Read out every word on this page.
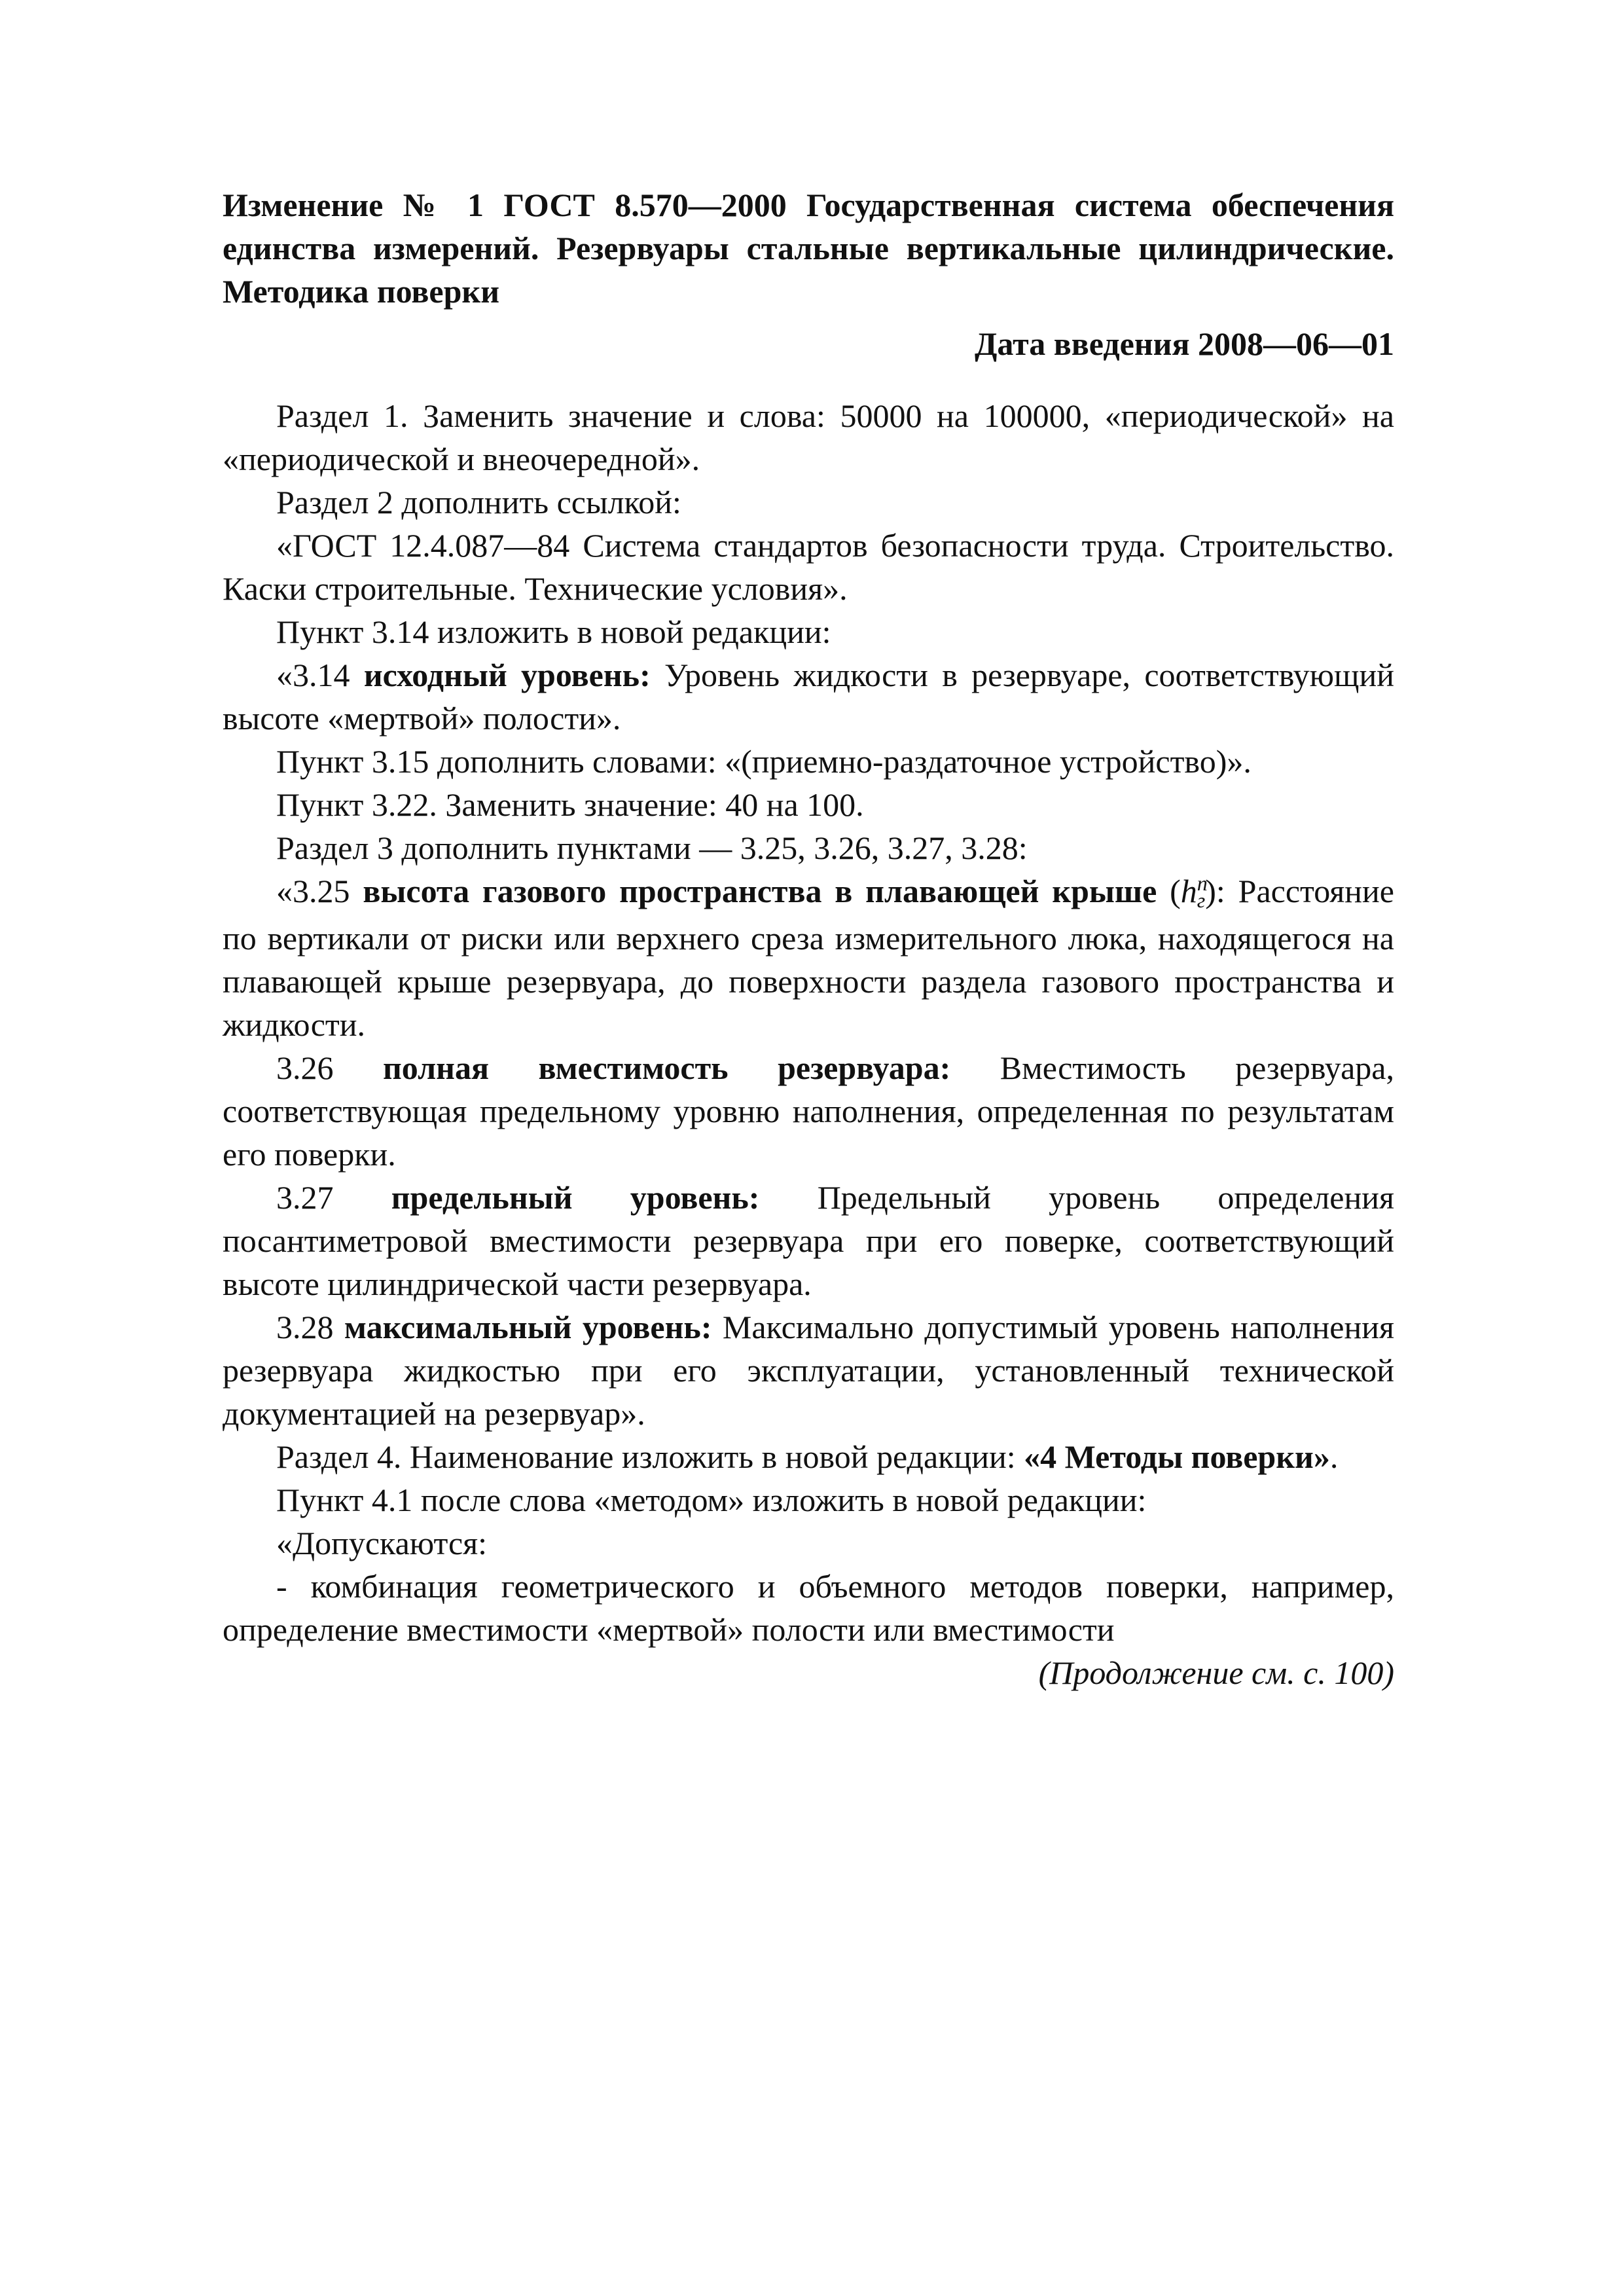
Изменение № 1 ГОСТ 8.570—2000 Государственная система обеспечения единства измерений. Резервуары стальные вертикальные цилиндрические. Методика поверки

Дата введения 2008—06—01

Раздел 1. Заменить значение и слова: 50000 на 100000, «периодической» на «периодической и внеочередной».

Раздел 2 дополнить ссылкой:

«ГОСТ 12.4.087—84 Система стандартов безопасности труда. Строительство. Каски строительные. Технические условия».

Пункт 3.14 изложить в новой редакции:

«3.14 исходный уровень: Уровень жидкости в резервуаре, соответствующий высоте «мертвой» полости».

Пункт 3.15 дополнить словами: «(приемно-раздаточное устройство)».

Пункт 3.22. Заменить значение: 40 на 100.

Раздел 3 дополнить пунктами — 3.25, 3.26, 3.27, 3.28:

«3.25 высота газового пространства в плавающей крыше $(h^пг)$: Расстояние по вертикали от риски или верхнего среза измерительного люка, находящегося на плавающей крыше резервуара, до поверхности раздела газового пространства и жидкости.

3.26 полная вместимость резервуара: Вместимость резервуара, соответствующая предельному уровню наполнения, определенная по результатам его поверки.

3.27 предельный уровень: Предельный уровень определения посантиметровой вместимости резервуара при его поверке, соответствующий высоте цилиндрической части резервуара.

3.28 максимальный уровень: Максимально допустимый уровень наполнения резервуара жидкостью при его эксплуатации, установленный технической документацией на резервуар».

Раздел 4. Наименование изложить в новой редакции: «4 Методы поверки».

Пункт 4.1 после слова «методом» изложить в новой редакции:

«Допускаются:

- комбинация геометрического и объемного методов поверки, например, определение вместимости «мертвой» полости или вместимости

(Продолжение см. с. 100)
